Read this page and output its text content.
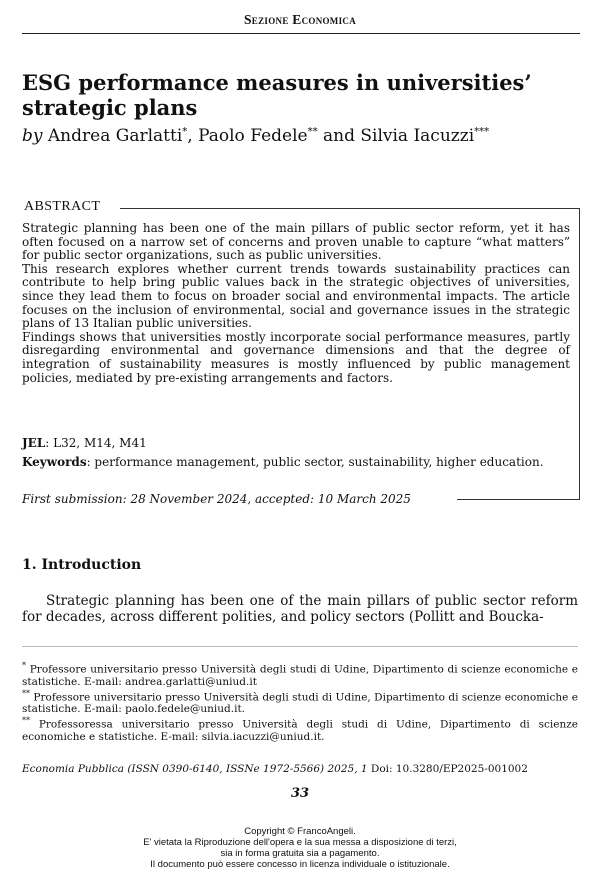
Sezione Economica
ESG performance measures in universities’
strategic plans
by Andrea Garlatti*, Paolo Fedele** and Silvia Iacuzzi***
ABSTRACT

Strategic planning has been one of the main pillars of public sector reform, yet it has often focused on a narrow set of concerns and proven unable to capture “what matters” for public sector organizations, such as public universities.

This research explores whether current trends towards sustainability practices can contribute to help bring public values back in the strategic objectives of universities, since they lead them to focus on broader social and environmental impacts. The article focuses on the inclusion of environmental, social and governance issues in the strategic plans of 13 Italian public universities.

Findings shows that universities mostly incorporate social performance measures, partly disregarding environmental and governance dimensions and that the degree of integration of sustainability measures is mostly influenced by public management policies, mediated by pre-existing arrangements and factors.

JEL: L32, M14, M41
Keywords: performance management, public sector, sustainability, higher education.
First submission: 28 November 2024, accepted: 10 March 2025
1. Introduction
Strategic planning has been one of the main pillars of public sector reform for decades, across different polities, and policy sectors (Pollitt and Boucka-

* Professore universitario presso Università degli studi di Udine, Dipartimento di scienze economiche e statistiche. E-mail: andrea.garlatti@uniud.it

** Professore universitario presso Università degli studi di Udine, Dipartimento di scienze economiche e statistiche. E-mail: paolo.fedele@uniud.it.

** Professoressa universitario presso Università degli studi di Udine, Dipartimento di scienze economiche e statistiche. E-mail: silvia.iacuzzi@uniud.it.

Economia Pubblica (ISSN 0390-6140, ISSNe 1972-5566) 2025, 1 Doi: 10.3280/EP2025-001002
33
Copyright © FrancoAngeli.
E' vietata la Riproduzione dell'opera e la sua messa a disposizione di terzi,
sia in forma gratuita sia a pagamento.
Il documento può essere concesso in licenza individuale o istituzionale.
